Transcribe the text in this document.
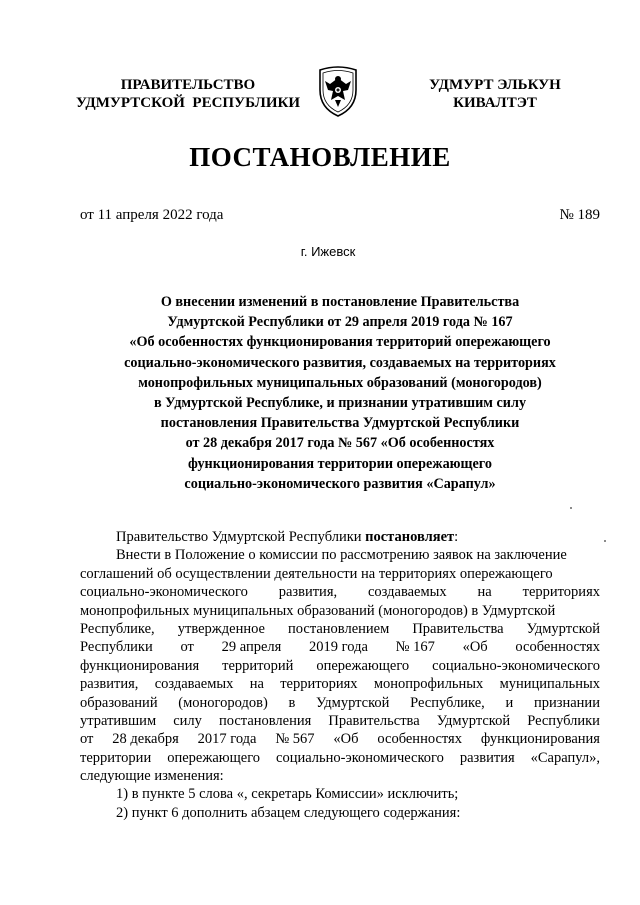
ПРАВИТЕЛЬСТВО
УДМУРТСКОЙ  РЕСПУБЛИКИ
УДМУРТ ЭЛЬКУН
КИВАЛТЭТ
ПОСТАНОВЛЕНИЕ
от 11 апреля 2022 года	№ 189
г. Ижевск
О внесении изменений в постановление Правительства
Удмуртской Республики от 29 апреля 2019 года № 167
«Об особенностях функционирования территорий опережающего
социально-экономического развития, создаваемых на территориях
монопрофильных муниципальных образований (моногородов)
в Удмуртской Республике, и признании утратившим силу
постановления Правительства Удмуртской Республики
от 28 декабря 2017 года № 567 «Об особенностях
функционирования территории опережающего
социально-экономического развития «Сарапул»
Правительство Удмуртской Республики постановляет:
Внести в Положение о комиссии по рассмотрению заявок на заключение
соглашений об осуществлении деятельности на территориях опережающего
социально-экономического развития, создаваемых на территориях
монопрофильных муниципальных образований (моногородов) в Удмуртской
Республике, утвержденное постановлением Правительства Удмуртской
Республики от 29 апреля 2019 года № 167 «Об особенностях
функционирования территорий опережающего социально-экономического
развития, создаваемых на территориях монопрофильных муниципальных
образований (моногородов) в Удмуртской Республике, и признании
утратившим силу постановления Правительства Удмуртской Республики
от 28 декабря 2017 года № 567 «Об особенностях функционирования
территории опережающего социально-экономического развития «Сарапул»,
следующие изменения:
1) в пункте 5 слова «, секретарь Комиссии» исключить;
2) пункт 6 дополнить абзацем следующего содержания:
